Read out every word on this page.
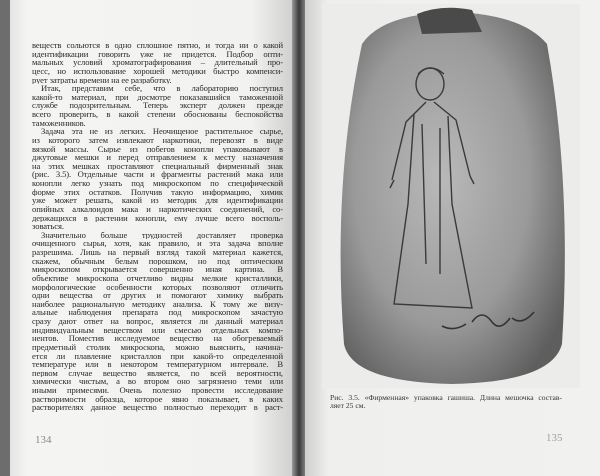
веществ сольются в одно сплошное пятно, и тогда ни о какой
идентификации говорить уже не придется. Подбор опти-
мальных условий хроматографирования – длительный про-
цесс, но использование хорошей методики быстро компенси-
рует затраты времени на ее разработку.
Итак, представим себе, что в лабораторию поступил
какой-то материал, при досмотре показавшийся таможенной
службе подозрительным. Теперь эксперт должен прежде
всего проверить, в какой степени обоснованы беспокойства
таможенников.
Задача эта не из легких. Неочищеное растительное сырье,
из которого затем извлекают наркотики, перевозят в виде
вязкой массы. Сырье из побегов конопли упаковывают в
джутовые мешки и перед отправлением к месту назначения
на этих мешках проставляют специальный фирменный знак
(рис. 3.5). Отдельные части и фрагменты растений мака или
конопли легко узнать под микроскопом по специфической
форме этих остатков. Получив такую информацию, химик
уже может решать, какой из методик для идентификации
опийных алкалоидов мака и наркотических соединений, со-
держащихся в растении конопли, ему лучше всего восполь-
зоваться.
Значительно больше трудностей доставляет проверка
очищенного сырья, хотя, как правило, и эта задача вполне
разрешима. Лишь на первый взгляд такой материал кажется,
скажем, обычным белым порошком, но под оптическим
микроскопом открывается совершенно иная картина. В
объективе микроскопа отчетливо видны мелкие кристаллики,
морфологические особенности которых позволяют отличить
одни вещества от других и помогают химику выбрать
наиболее рациональную методику анализа. К тому же визу-
альные наблюдения препарата под микроскопом зачастую
сразу дают ответ на вопрос, является ли данный материал
индивидуальным веществом или смесью отдельных компо-
нентов. Поместив исследуемое вещество на обогреваемый
предметный столик микроскопа, можно выяснить, начина-
ется ли плавление кристаллов при какой-то определенной
температуре или в некотором температурном интервале. В
первом случае вещество является, по всей вероятности,
химически чистым, а во втором оно загрязнено теми или
иными примесями. Очень полезно провести исследование
растворимости образца, которое явно показывает, в каких
растворителях данное вещество полностью переходит в раст-
134
Рис. 3.5. «Фирменная» упаковка гашиша. Длина мешочка состав-
ляет 25 см.
135
